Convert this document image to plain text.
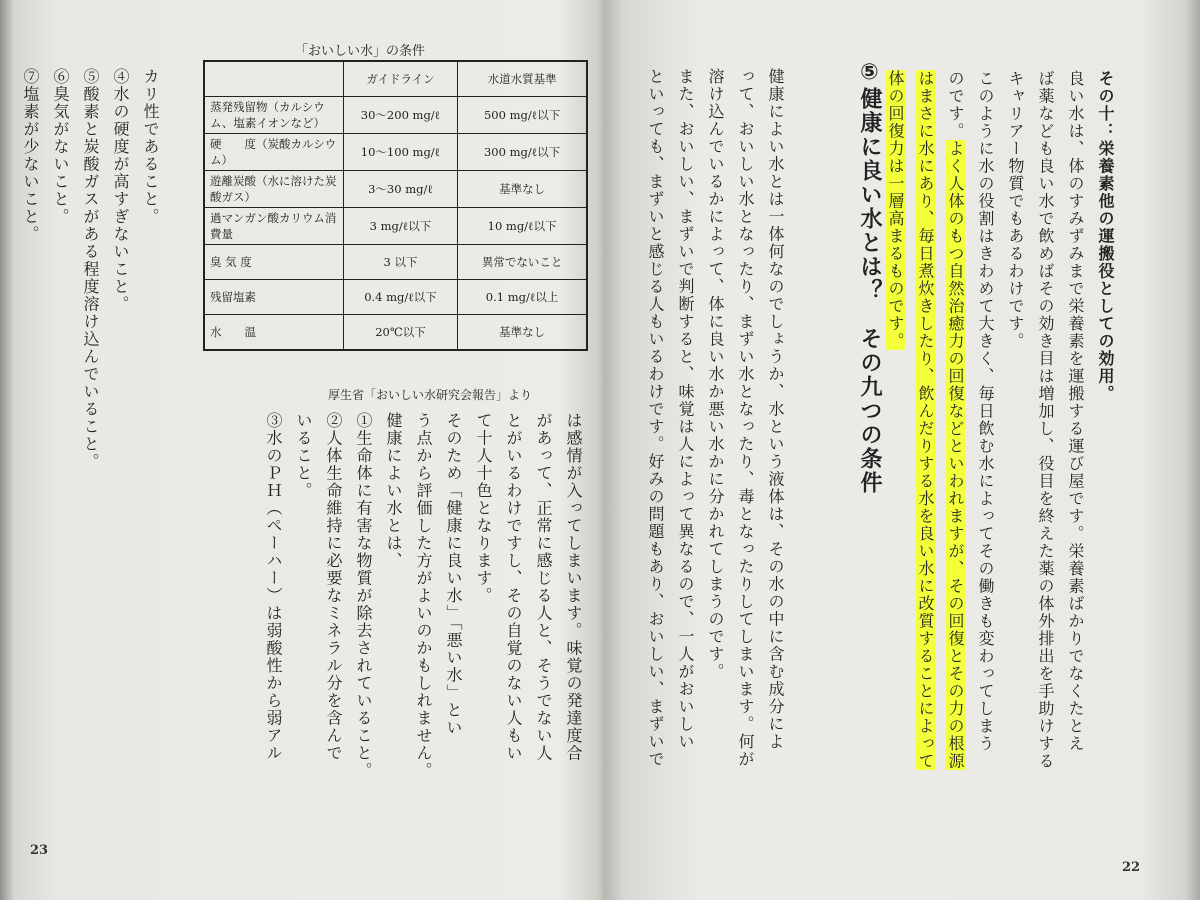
その十：栄養素他の運搬役としての効用。

良い水は、体のすみずみまで栄養素を運搬する運び屋です。栄養素ばかりでなくたとえ

ば薬なども良い水で飲めばその効き目は増加し、役目を終えた薬の体外排出を手助けする

キャリアー物質でもあるわけです。

このように水の役割はきわめて大きく、毎日飲む水によってその働きも変わってしまう

のです。よく人体のもつ自然治癒力の回復などといわれますが、その回復とその力の根源

はまさに水にあり、毎日煮炊きしたり、飲んだりする水を良い水に改質することによって

体の回復力は一層高まるものです。

⑤健康に良い水とは？　その九つの条件

健康によい水とは一体何なのでしょうか、水という液体は、その水の中に含む成分によ

って、おいしい水となったり、まずい水となったり、毒となったりしてしまいます。何が

溶け込んでいるかによって、体に良い水か悪い水かに分かれてしまうのです。

また、おいしい、まずいで判断すると、味覚は人によって異なるので、一人がおいしい

といっても、まずいと感じる人もいるわけです。好みの問題もあり、おいしい、まずいで

22
「おいしい水」の条件
	ガイドライン	水道水質基準
蒸発残留物（カルシウム、塩素イオンなど）	30～200 mg/ℓ	500 mg/ℓ以下
硬　　度（炭酸カルシウム）	10～100 mg/ℓ	300 mg/ℓ以下
遊離炭酸（水に溶けた炭酸ガス）	3～30 mg/ℓ	基準なし
過マンガン酸カリウム消費量	3 mg/ℓ以下	10 mg/ℓ以下
臭 気 度	3 以下	異常でないこと
残留塩素	0.4 mg/ℓ以下	0.1 mg/ℓ以上
水　　温	20℃以下	基準なし
厚生省「おいしい水研究会報告」より

カリ性であること。

④水の硬度が高すぎないこと。

⑤酸素と炭酸ガスがある程度溶け込んでいること。

⑥臭気がないこと。

⑦塩素が少ないこと。

は感情が入ってしまいます。味覚の発達度合

があって、正常に感じる人と、そうでない人

とがいるわけですし、その自覚のない人もい

て十人十色となります。

そのため「健康に良い水」「悪い水」とい

う点から評価した方がよいのかもしれません。

健康によい水とは、

①生命体に有害な物質が除去されていること。

②人体生命維持に必要なミネラル分を含んで

いること。

③水のＰＨ（ペーハー）は弱酸性から弱アル

23
